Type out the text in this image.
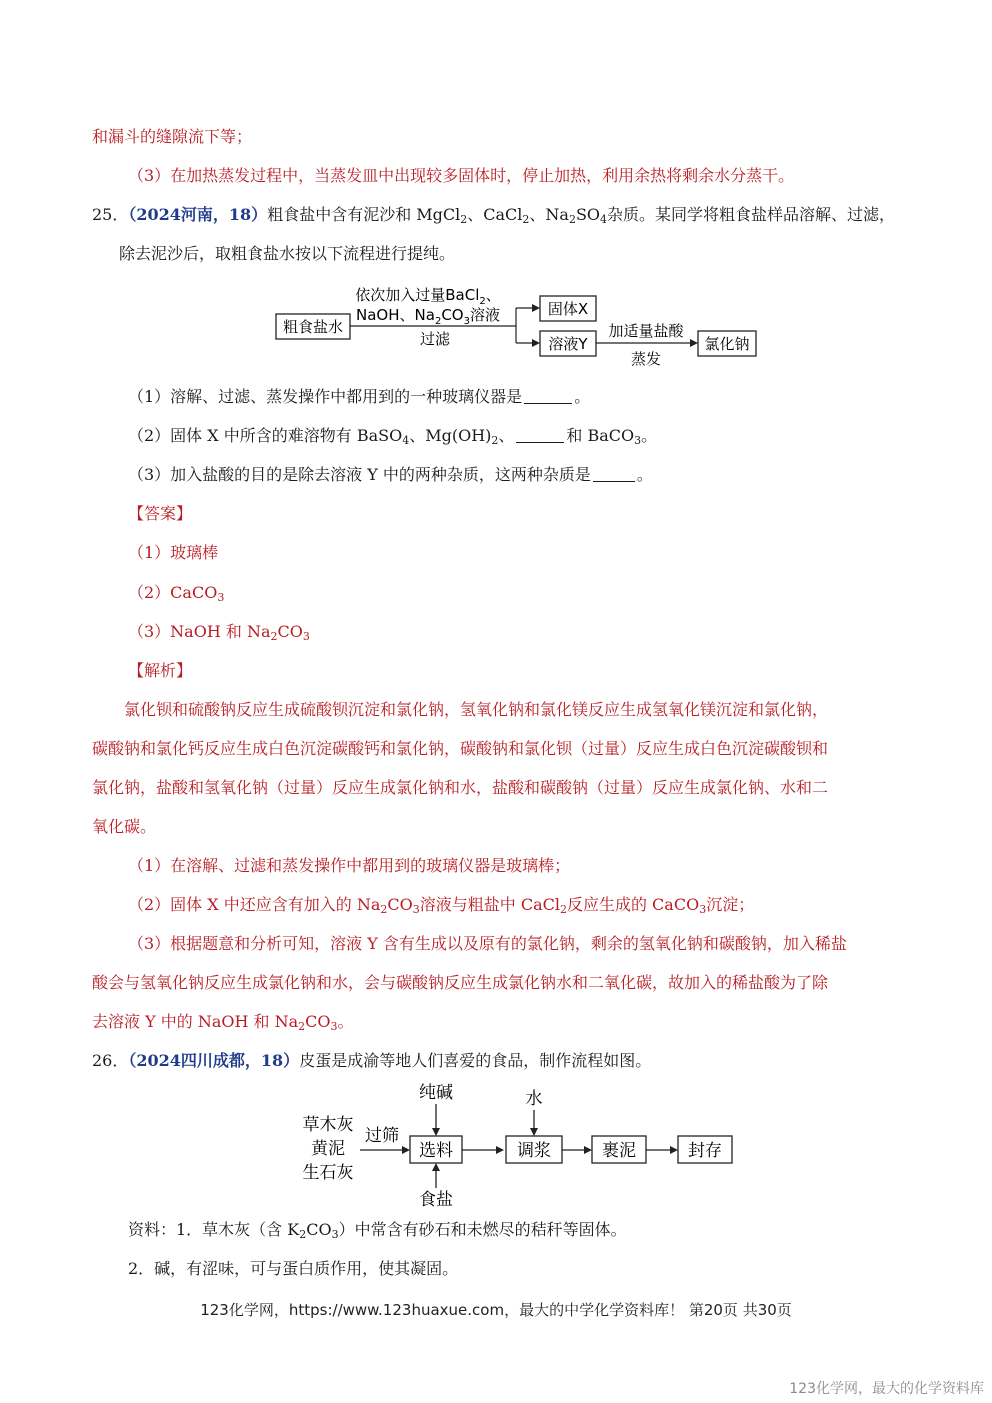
和漏斗的缝隙流下等；
（3）在加热蒸发过程中，当蒸发皿中出现较多固体时，停止加热，利用余热将剩余水分蒸干。
25．（2024河南，18）粗食盐中含有泥沙和 MgCl$_2$、CaCl$_2$、$Na_2SO_4$杂质。某同学将粗食盐样品溶解、过滤，
除去泥沙后，取粗食盐水按以下流程进行提纯。
粗食盐水
依次加入过量BaCl$_2$、
NaOH、$Na_2CO_3$溶液
过滤
固体X
溶液Y
加适量盐酸
蒸发
氯化钠
（1）溶解、过滤、蒸发操作中都用到的一种玻璃仪器是	。
（2）固体 X 中所含的难溶物有 BaSO$_4$、$Mg(OH)_2$、	和 BaCO$_3$。
（3）加入盐酸的目的是除去溶液 Y 中的两种杂质，这两种杂质是	。
【答案】
（1）玻璃棒
（2）CaCO$_3$
（3）NaOH 和 $Na_2CO_3$
【解析】
氯化钡和硫酸钠反应生成硫酸钡沉淀和氯化钠，氢氧化钠和氯化镁反应生成氢氧化镁沉淀和氯化钠，
碳酸钠和氯化钙反应生成白色沉淀碳酸钙和氯化钠，碳酸钠和氯化钡（过量）反应生成白色沉淀碳酸钡和
氯化钠，盐酸和氢氧化钠（过量）反应生成氯化钠和水，盐酸和碳酸钠（过量）反应生成氯化钠、水和二
氧化碳。
（1）在溶解、过滤和蒸发操作中都用到的玻璃仪器是玻璃棒；
（2）固体 X 中还应含有加入的 $Na_2CO_3$溶液与粗盐中 CaCl$_2$反应生成的 CaCO$_3$沉淀；
（3）根据题意和分析可知，溶液 Y 含有生成以及原有的氯化钠，剩余的氢氧化钠和碳酸钠，加入稀盐
酸会与氢氧化钠反应生成氯化钠和水，会与碳酸钠反应生成氯化钠水和二氧化碳，故加入的稀盐酸为了除
去溶液 Y 中的 NaOH 和 $Na_2CO_3$。
26．（2024四川成都，18）皮蛋是成渝等地人们喜爱的食品，制作流程如图。
草木灰
黄泥
生石灰
过筛
纯碱
选料
食盐
水
调浆	裹泥	封存
资料：1．草木灰（含 $K_2CO_3$）中常含有砂石和未燃尽的秸秆等固体。
2．碱，有涩味，可与蛋白质作用，使其凝固。
123化学网，https://www.123huaxue.com，最大的中学化学资料库！ 第20页 共30页
123化学网，最大的化学资料库
